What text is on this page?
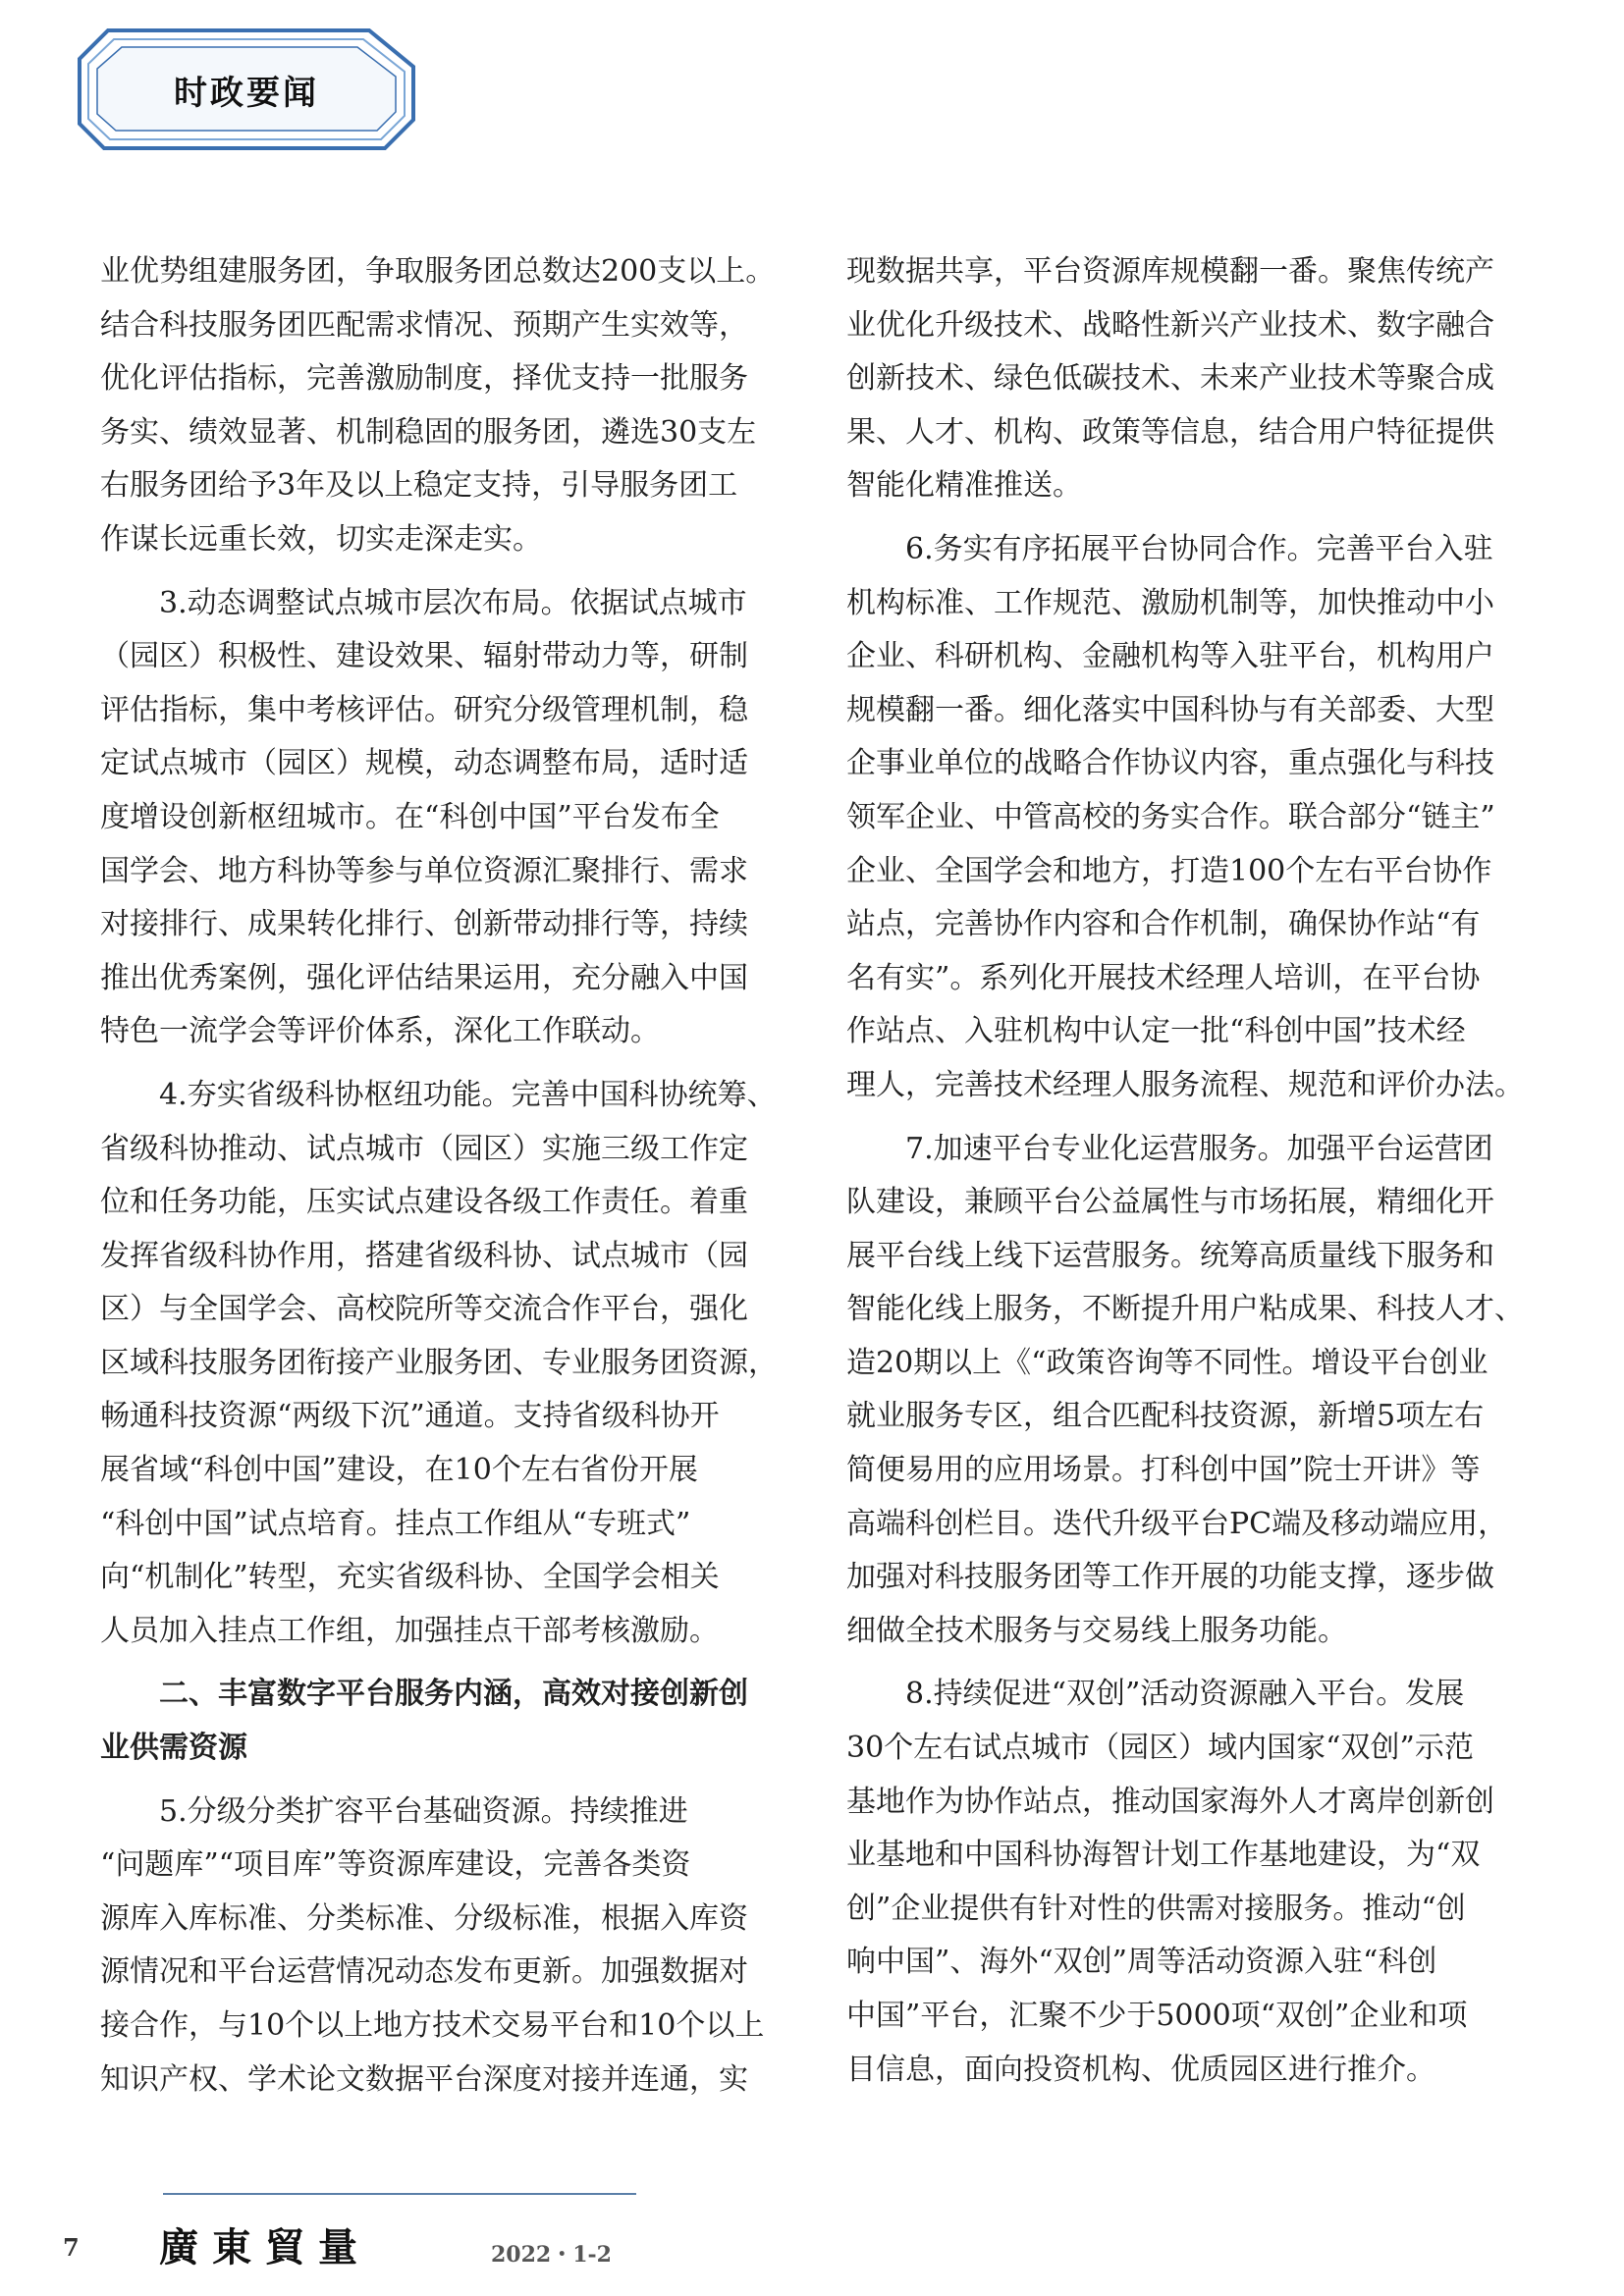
时政要闻
业优势组建服务团，争取服务团总数达200支以上。
结合科技服务团匹配需求情况、预期产生实效等，
优化评估指标，完善激励制度，择优支持一批服务
务实、绩效显著、机制稳固的服务团，遴选30支左
右服务团给予3年及以上稳定支持，引导服务团工
作谋长远重长效，切实走深走实。
3.动态调整试点城市层次布局。依据试点城市
（园区）积极性、建设效果、辐射带动力等，研制
评估指标，集中考核评估。研究分级管理机制，稳
定试点城市（园区）规模，动态调整布局，适时适
度增设创新枢纽城市。在“科创中国”平台发布全
国学会、地方科协等参与单位资源汇聚排行、需求
对接排行、成果转化排行、创新带动排行等，持续
推出优秀案例，强化评估结果运用，充分融入中国
特色一流学会等评价体系，深化工作联动。
4.夯实省级科协枢纽功能。完善中国科协统筹、
省级科协推动、试点城市（园区）实施三级工作定
位和任务功能，压实试点建设各级工作责任。着重
发挥省级科协作用，搭建省级科协、试点城市（园
区）与全国学会、高校院所等交流合作平台，强化
区域科技服务团衔接产业服务团、专业服务团资源，
畅通科技资源“两级下沉”通道。支持省级科协开
展省域“科创中国”建设，在10个左右省份开展
“科创中国”试点培育。挂点工作组从“专班式”
向“机制化”转型，充实省级科协、全国学会相关
人员加入挂点工作组，加强挂点干部考核激励。
二、丰富数字平台服务内涵，高效对接创新创
业供需资源
5.分级分类扩容平台基础资源。持续推进
“问题库”“项目库”等资源库建设，完善各类资
源库入库标准、分类标准、分级标准，根据入库资
源情况和平台运营情况动态发布更新。加强数据对
接合作，与10个以上地方技术交易平台和10个以上
知识产权、学术论文数据平台深度对接并连通，实
现数据共享，平台资源库规模翻一番。聚焦传统产
业优化升级技术、战略性新兴产业技术、数字融合
创新技术、绿色低碳技术、未来产业技术等聚合成
果、人才、机构、政策等信息，结合用户特征提供
智能化精准推送。
6.务实有序拓展平台协同合作。完善平台入驻
机构标准、工作规范、激励机制等，加快推动中小
企业、科研机构、金融机构等入驻平台，机构用户
规模翻一番。细化落实中国科协与有关部委、大型
企事业单位的战略合作协议内容，重点强化与科技
领军企业、中管高校的务实合作。联合部分“链主”
企业、全国学会和地方，打造100个左右平台协作
站点，完善协作内容和合作机制，确保协作站“有
名有实”。系列化开展技术经理人培训，在平台协
作站点、入驻机构中认定一批“科创中国”技术经
理人，完善技术经理人服务流程、规范和评价办法。
7.加速平台专业化运营服务。加强平台运营团
队建设，兼顾平台公益属性与市场拓展，精细化开
展平台线上线下运营服务。统筹高质量线下服务和
智能化线上服务，不断提升用户粘成果、科技人才、
造20期以上《“政策咨询等不同性。增设平台创业
就业服务专区，组合匹配科技资源，新增5项左右
简便易用的应用场景。打科创中国”院士开讲》等
高端科创栏目。迭代升级平台PC端及移动端应用，
加强对科技服务团等工作开展的功能支撑，逐步做
细做全技术服务与交易线上服务功能。
8.持续促进“双创”活动资源融入平台。发展
30个左右试点城市（园区）域内国家“双创”示范
基地作为协作站点，推动国家海外人才离岸创新创
业基地和中国科协海智计划工作基地建设，为“双
创”企业提供有针对性的供需对接服务。推动“创
响中国”、海外“双创”周等活动资源入驻“科创
中国”平台，汇聚不少于5000项“双创”企业和项
目信息，面向投资机构、优质园区进行推介。
7 廣東貿量	2022・1-2
